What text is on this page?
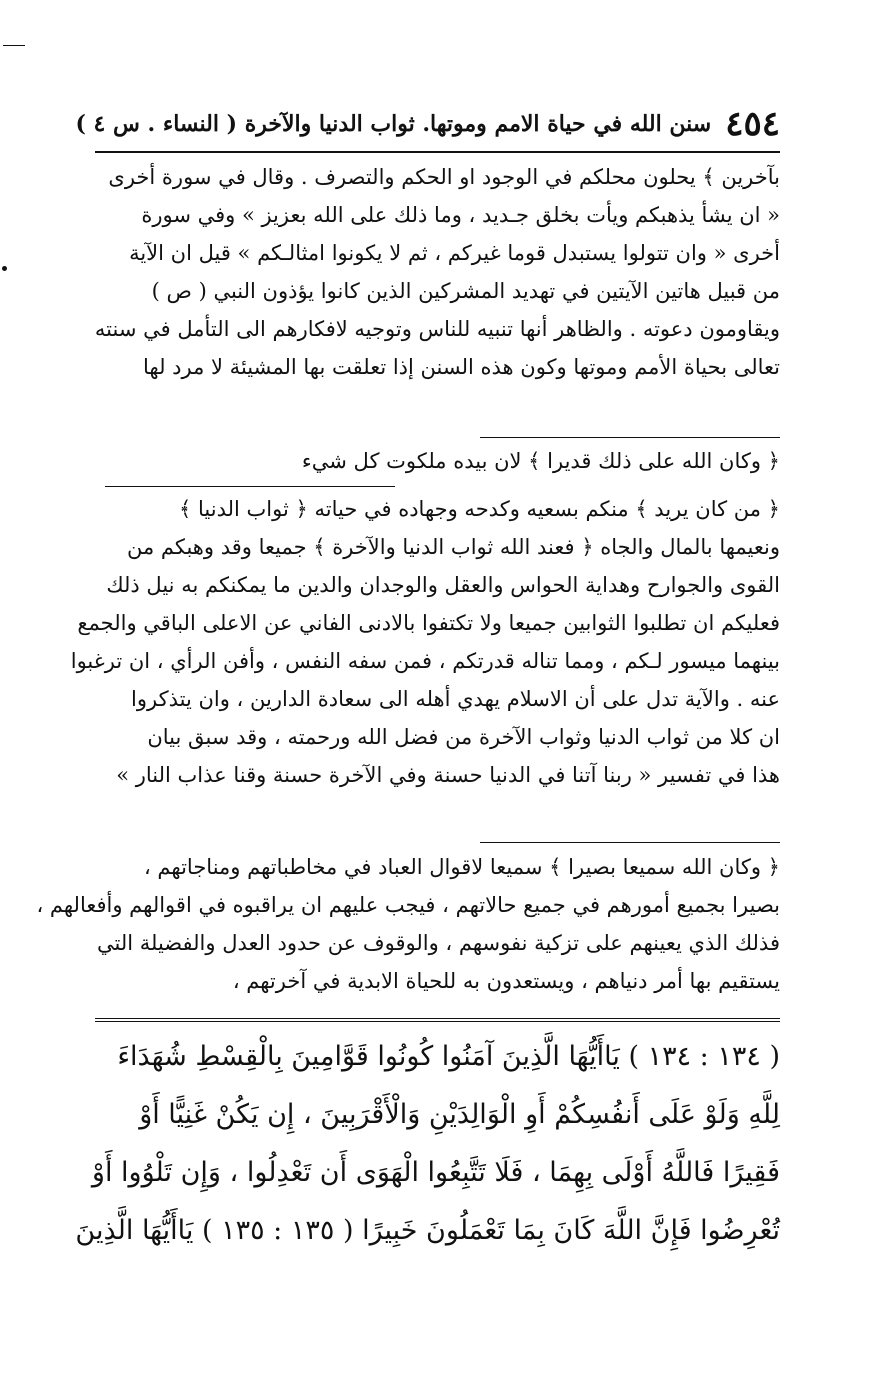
٤٥٤
سنن الله في حياة الامم وموتها. ثواب الدنيا والآخرة ( النساء . س ٤ )
بآخرين ﴾ يحلون محلكم في الوجود او الحكم والتصرف . وقال في سورة أخرى
« ان يشأ يذهبكم ويأت بخلق جـديد ، وما ذلك على الله بعزيز » وفي سورة
أخرى « وان تتولوا يستبدل قوما غيركم ، ثم لا يكونوا امثالـكم » قيل ان الآية
من قبيل هاتين الآيتين في تهديد المشركين الذين كانوا يؤذون النبي ( ص )
ويقاومون دعوته . والظاهر أنها تنبيه للناس وتوجيه لافكارهم الى التأمل في سنته
تعالى بحياة الأمم وموتها وكون هذه السنن إذا تعلقت بها المشيئة لا مرد لها
﴿ وكان الله على ذلك قديرا ﴾ لان بيده ملكوت كل شيء
﴿ من كان يريد ﴾ منكم بسعيه وكدحه وجهاده في حياته ﴿ ثواب الدنيا ﴾
ونعيمها بالمال والجاه ﴿ فعند الله ثواب الدنيا والآخرة ﴾ جميعا وقد وهبكم من
القوى والجوارح وهداية الحواس والعقل والوجدان والدين ما يمكنكم به نيل ذلك
فعليكم ان تطلبوا الثوابين جميعا ولا تكتفوا بالادنى الفاني عن الاعلى الباقي والجمع
بينهما ميسور لـكم ، ومما تناله قدرتكم ، فمن سفه النفس ، وأفن الرأي ، ان ترغبوا
عنه . والآية تدل على أن الاسلام يهدي أهله الى سعادة الدارين ، وان يتذكروا
ان كلا من ثواب الدنيا وثواب الآخرة من فضل الله ورحمته ، وقد سبق بيان
هذا في تفسير « ربنا آتنا في الدنيا حسنة وفي الآخرة حسنة وقنا عذاب النار »
﴿ وكان الله سميعا بصيرا ﴾ سميعا لاقوال العباد في مخاطباتهم ومناجاتهم ،
بصيرا بجميع أمورهم في جميع حالاتهم ، فيجب عليهم ان يراقبوه في اقوالهم وأفعالهم ،
فذلك الذي يعينهم على تزكية نفوسهم ، والوقوف عن حدود العدل والفضيلة التي
يستقيم بها أمر دنياهم ، ويستعدون به للحياة الابدية في آخرتهم ،
( ١٣٤ : ١٣٤ ) يَاأَيُّهَا الَّذِينَ آمَنُوا كُونُوا قَوَّامِينَ بِالْقِسْطِ شُهَدَاءَ
لِلَّهِ وَلَوْ عَلَى أَنفُسِكُمْ أَوِ الْوَالِدَيْنِ وَالْأَقْرَبِينَ ، إِن يَكُنْ غَنِيًّا أَوْ
فَقِيرًا فَاللَّهُ أَوْلَى بِهِمَا ، فَلَا تَتَّبِعُوا الْهَوَى أَن تَعْدِلُوا ، وَإِن تَلْوُوا أَوْ
تُعْرِضُوا فَإِنَّ اللَّهَ كَانَ بِمَا تَعْمَلُونَ خَبِيرًا ( ١٣٥ : ١٣٥ ) يَاأَيُّهَا الَّذِينَ
